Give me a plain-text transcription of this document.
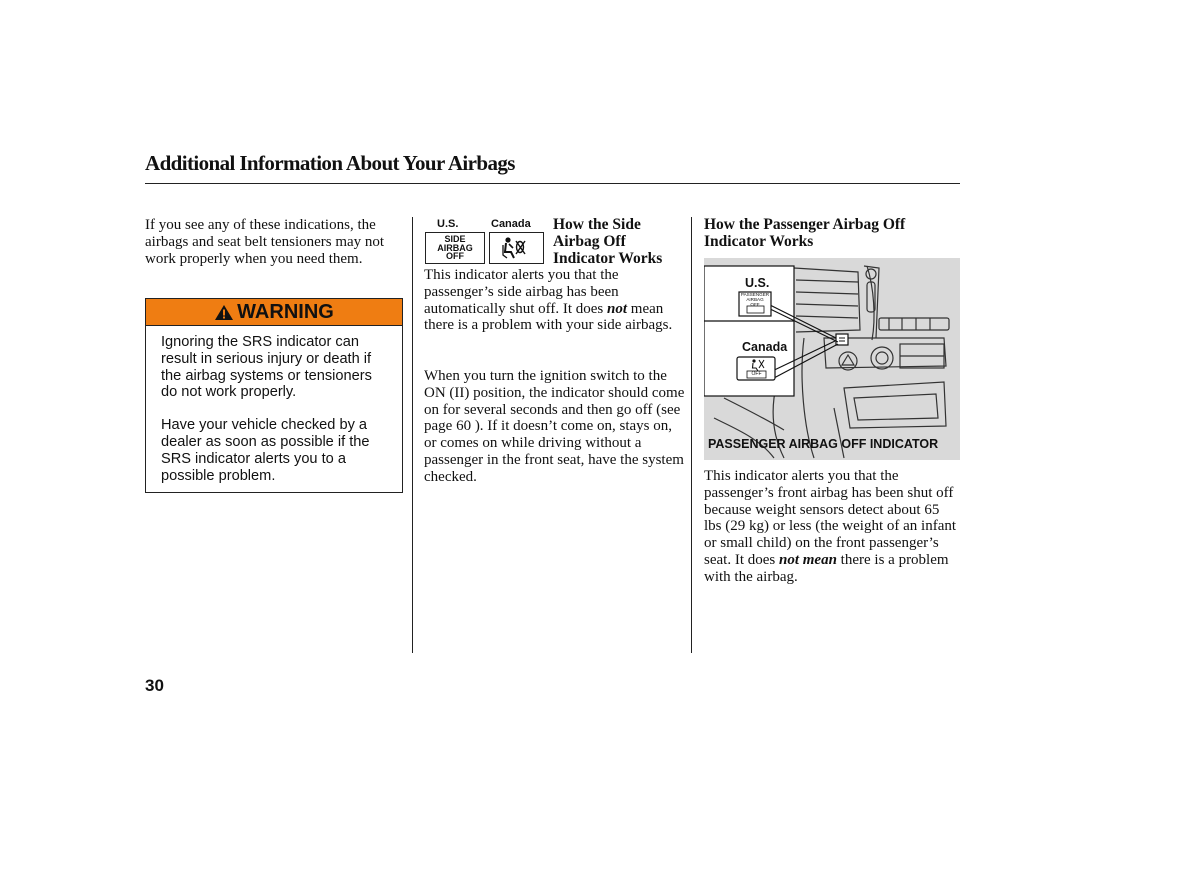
Additional Information About Your Airbags

If you see any of these indications, the airbags and seat belt tensioners may not work properly when you need them.

WARNING

Ignoring the SRS indicator can result in serious injury or death if the airbag systems or tensioners do not work properly.

Have your vehicle checked by a dealer as soon as possible if the SRS indicator alerts you to a possible problem.

U.S.	Canada
SIDE
AIRBAG
OFF
How the Side
Airbag Off
Indicator Works

This indicator alerts you that the passenger’s side airbag has been automatically shut off. It does not mean there is a problem with your side airbags.

When you turn the ignition switch to the ON (II) position, the indicator should come on for several seconds and then go off (see page 60 ). If it doesn’t come on, stays on, or comes on while driving without a passenger in the front seat, have the system checked.

How the Passenger Airbag Off Indicator Works
U.S.
Canada
PASSENGER
AIRBAG
OFF
OFF
PASSENGER AIRBAG OFF INDICATOR

This indicator alerts you that the passenger’s front airbag has been shut off because weight sensors detect about 65 lbs (29 kg) or less (the weight of an infant or small child) on the front passenger’s seat. It does not mean there is a problem with the airbag.

30
